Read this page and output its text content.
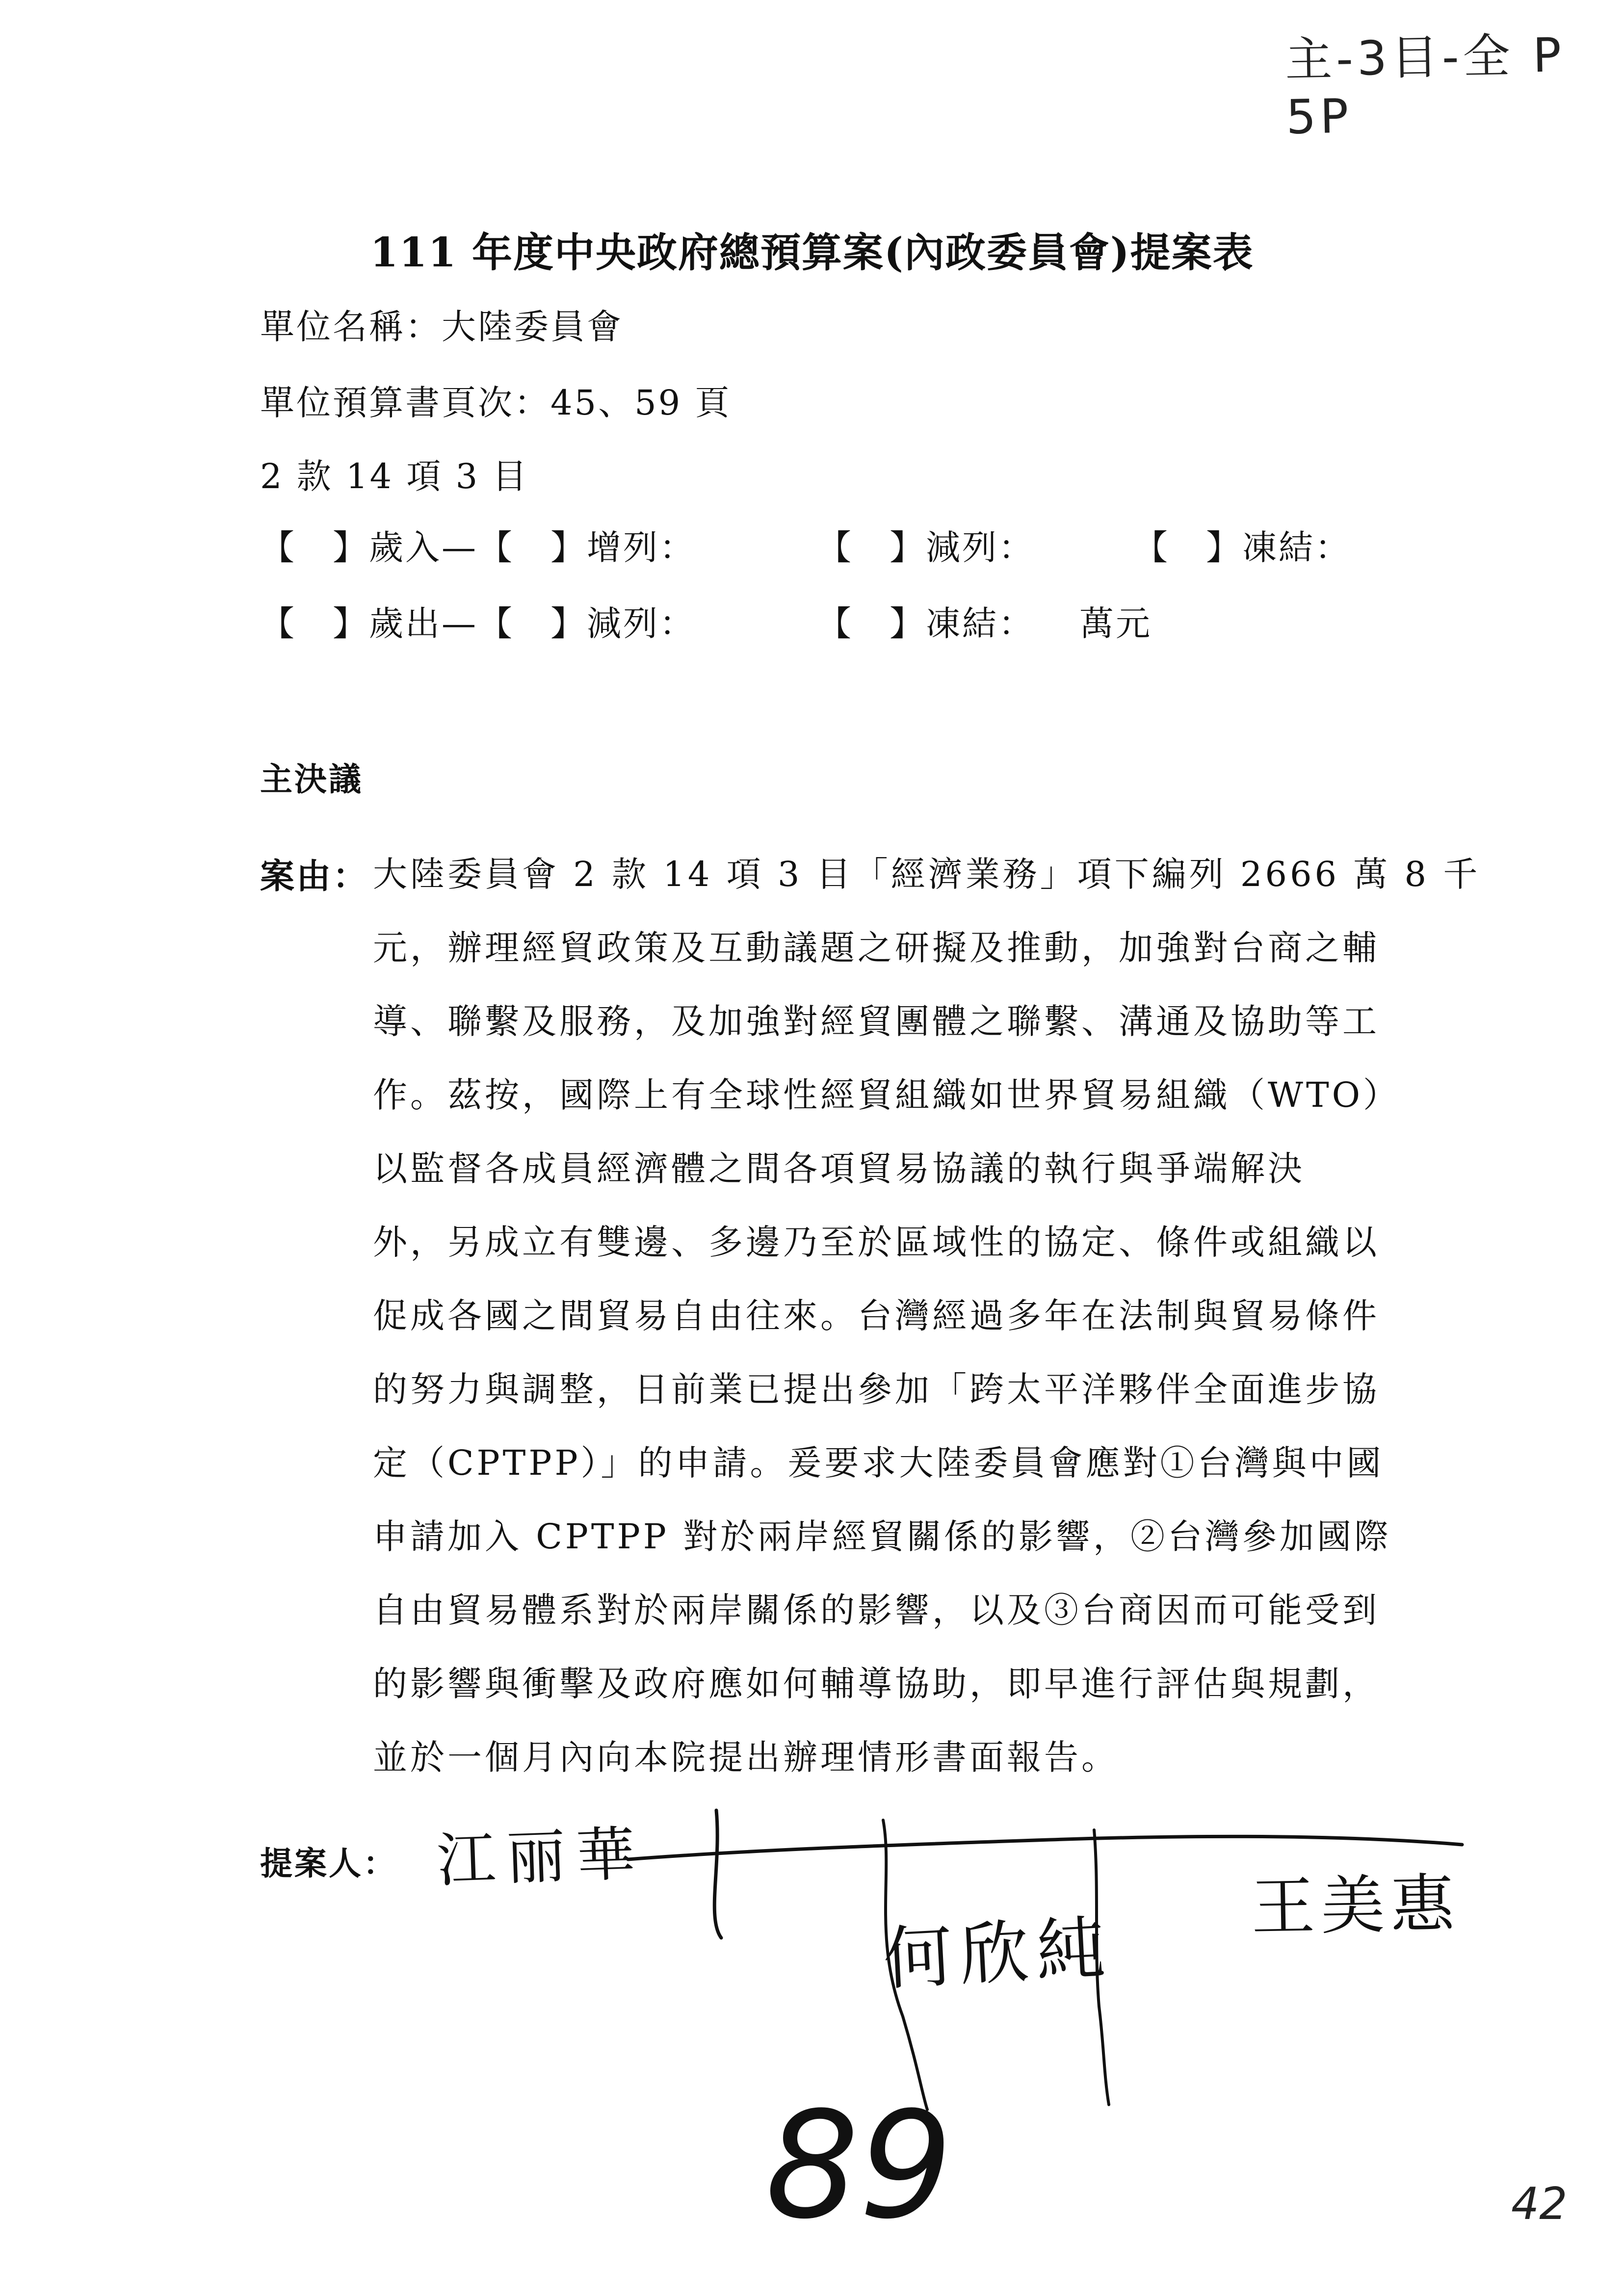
主-3目-全 P 5P
111 年度中央政府總預算案(內政委員會)提案表
單位名稱：大陸委員會
單位預算書頁次：45、59 頁
2 款 14 項 3 目
【　】歲入—【　】增列：	【　】減列：	【　】凍結：
【　】歲出—【　】減列：	【　】凍結： 萬元
主決議
案由： 大陸委員會 2 款 14 項 3 目「經濟業務」項下編列 2666 萬 8 千
元，辦理經貿政策及互動議題之研擬及推動，加強對台商之輔
導、聯繫及服務，及加強對經貿團體之聯繫、溝通及協助等工
作。茲按，國際上有全球性經貿組織如世界貿易組織（WTO）
以監督各成員經濟體之間各項貿易協議的執行與爭端解決
外，另成立有雙邊、多邊乃至於區域性的協定、條件或組織以
促成各國之間貿易自由往來。台灣經過多年在法制與貿易條件
的努力與調整，日前業已提出參加「跨太平洋夥伴全面進步協
定（CPTPP）」的申請。爰要求大陸委員會應對①台灣與中國
申請加入 CPTPP 對於兩岸經貿關係的影響，②台灣參加國際
自由貿易體系對於兩岸關係的影響，以及③台商因而可能受到
的影響與衝擊及政府應如何輔導協助，即早進行評估與規劃，
並於一個月內向本院提出辦理情形書面報告。
提案人： 江丽華
何欣純
王美惠
89	42
